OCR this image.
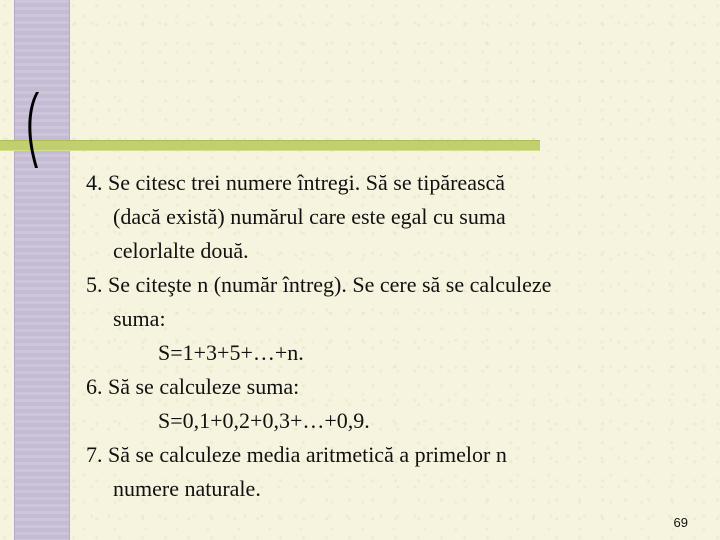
4. Se citesc trei numere întregi. Să se tipărească
(dacă există) numărul care este egal cu suma
celorlalte două.
5. Se citeşte n (număr întreg). Se cere să se calculeze
suma:
S=1+3+5+…+n.
6. Să se calculeze suma:
S=0,1+0,2+0,3+…+0,9.
7. Să se calculeze media aritmetică a primelor n
numere naturale.
69
